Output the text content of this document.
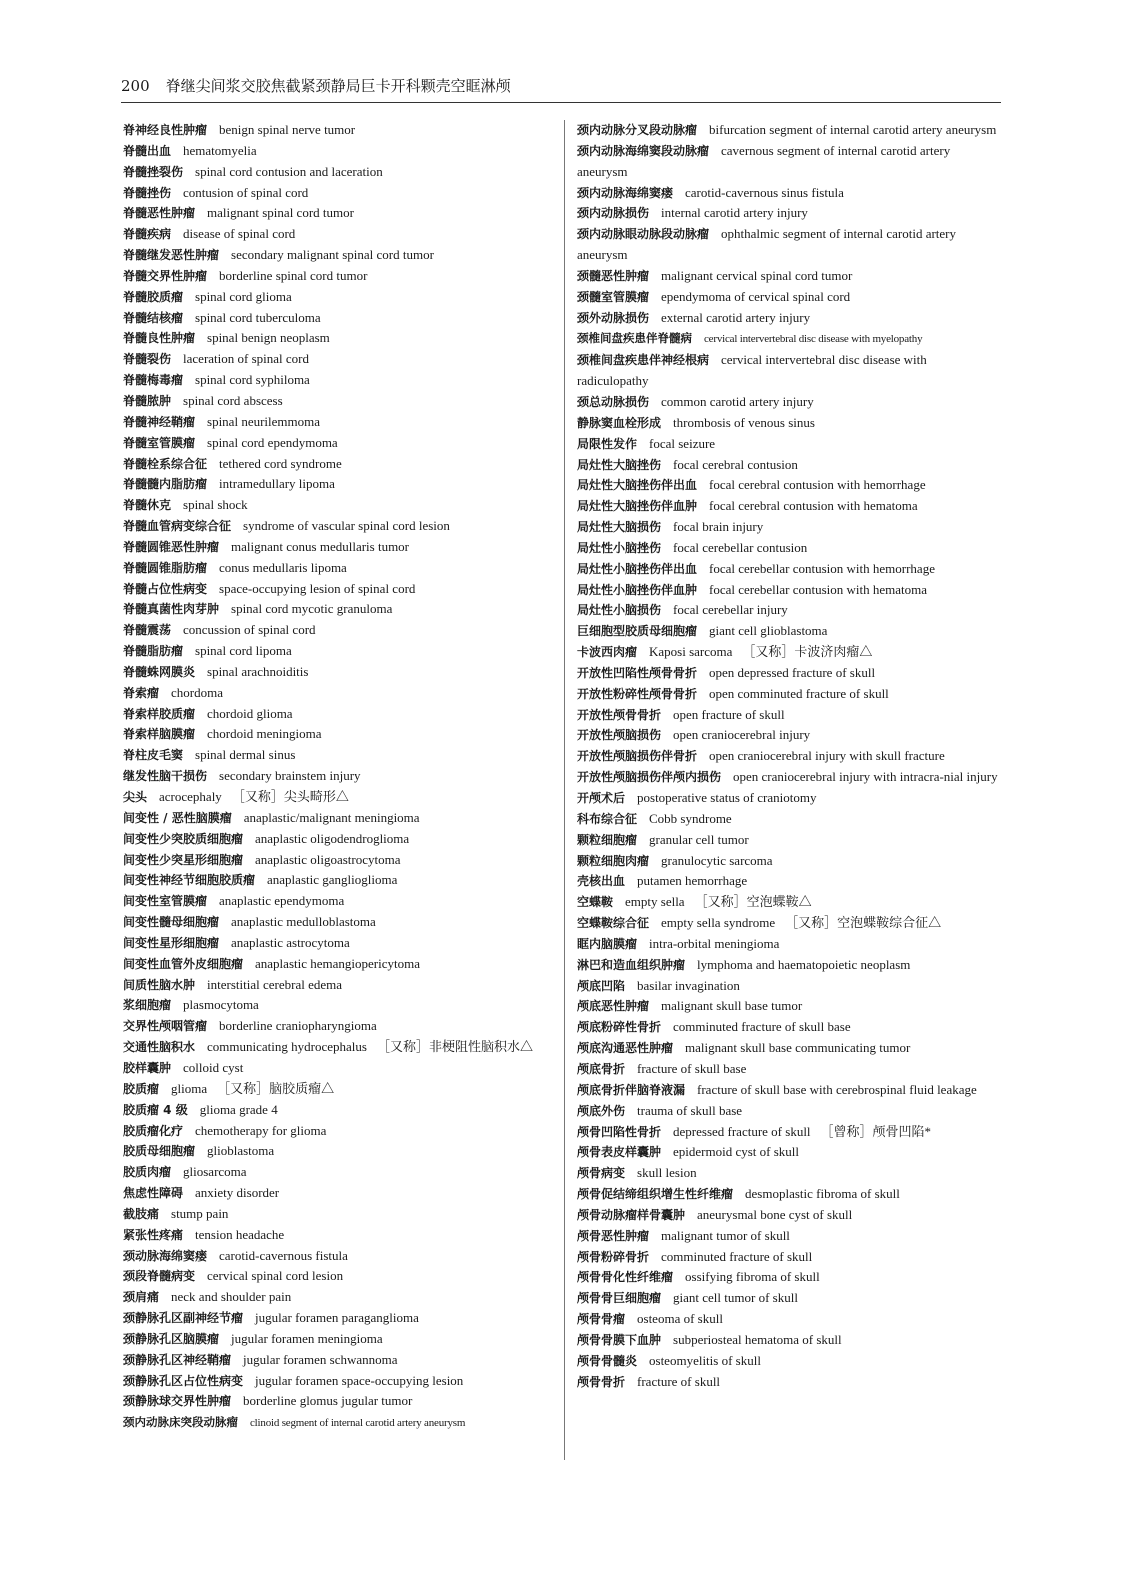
200 脊继尖间浆交胶焦截紧颈静局巨卡开科颗壳空眶淋颅
脊神经良性肿瘤 benign spinal nerve tumor
脊髓出血 hematomyelia
脊髓挫裂伤 spinal cord contusion and laceration
脊髓挫伤 contusion of spinal cord
脊髓恶性肿瘤 malignant spinal cord tumor
脊髓疾病 disease of spinal cord
脊髓继发恶性肿瘤 secondary malignant spinal cord tumor
脊髓交界性肿瘤 borderline spinal cord tumor
脊髓胶质瘤 spinal cord glioma
脊髓结核瘤 spinal cord tuberculoma
脊髓良性肿瘤 spinal benign neoplasm
脊髓裂伤 laceration of spinal cord
脊髓梅毒瘤 spinal cord syphiloma
脊髓脓肿 spinal cord abscess
脊髓神经鞘瘤 spinal neurilemmoma
脊髓室管膜瘤 spinal cord ependymoma
脊髓栓系综合征 tethered cord syndrome
脊髓髓内脂肪瘤 intramedullary lipoma
脊髓休克 spinal shock
脊髓血管病变综合征 syndrome of vascular spinal cord lesion
脊髓圆锥恶性肿瘤 malignant conus medullaris tumor
脊髓圆锥脂肪瘤 conus medullaris lipoma
脊髓占位性病变 space-occupying lesion of spinal cord
脊髓真菌性肉芽肿 spinal cord mycotic granuloma
脊髓震荡 concussion of spinal cord
脊髓脂肪瘤 spinal cord lipoma
脊髓蛛网膜炎 spinal arachnoiditis
脊索瘤 chordoma
脊索样胶质瘤 chordoid glioma
脊索样脑膜瘤 chordoid meningioma
脊柱皮毛窦 spinal dermal sinus
继发性脑干损伤 secondary brainstem injury
尖头 acrocephaly ［又称］尖头畸形△
间变性 / 恶性脑膜瘤 anaplastic/malignant meningioma
间变性少突胶质细胞瘤 anaplastic oligodendroglioma
间变性少突星形细胞瘤 anaplastic oligoastrocytoma
间变性神经节细胞胶质瘤 anaplastic ganglioglioma
间变性室管膜瘤 anaplastic ependymoma
间变性髓母细胞瘤 anaplastic medulloblastoma
间变性星形细胞瘤 anaplastic astrocytoma
间变性血管外皮细胞瘤 anaplastic hemangiopericytoma
间质性脑水肿 interstitial cerebral edema
浆细胞瘤 plasmocytoma
交界性颅咽管瘤 borderline craniopharyngioma
交通性脑积水 communicating hydrocephalus ［又称］非梗阻性脑积水△
胶样囊肿 colloid cyst
胶质瘤 glioma ［又称］脑胶质瘤△
胶质瘤 4 级 glioma grade 4
胶质瘤化疗 chemotherapy for glioma
胶质母细胞瘤 glioblastoma
胶质肉瘤 gliosarcoma
焦虑性障碍 anxiety disorder
截肢痛 stump pain
紧张性疼痛 tension headache
颈动脉海绵窦瘘 carotid-cavernous fistula
颈段脊髓病变 cervical spinal cord lesion
颈肩痛 neck and shoulder pain
颈静脉孔区副神经节瘤 jugular foramen paraganglioma
颈静脉孔区脑膜瘤 jugular foramen meningioma
颈静脉孔区神经鞘瘤 jugular foramen schwannoma
颈静脉孔区占位性病变 jugular foramen space-occupying lesion
颈静脉球交界性肿瘤 borderline glomus jugular tumor
颈内动脉床突段动脉瘤 clinoid segment of internal carotid artery aneurysm
颈内动脉分叉段动脉瘤 bifurcation segment of internal carotid artery aneurysm
颈内动脉海绵窦段动脉瘤 cavernous segment of internal carotid artery aneurysm
颈内动脉海绵窦瘘 carotid-cavernous sinus fistula
颈内动脉损伤 internal carotid artery injury
颈内动脉眼动脉段动脉瘤 ophthalmic segment of internal carotid artery aneurysm
颈髓恶性肿瘤 malignant cervical spinal cord tumor
颈髓室管膜瘤 ependymoma of cervical spinal cord
颈外动脉损伤 external carotid artery injury
颈椎间盘疾患伴脊髓病 cervical intervertebral disc disease with myelopathy
颈椎间盘疾患伴神经根病 cervical intervertebral disc disease with radiculopathy
颈总动脉损伤 common carotid artery injury
静脉窦血栓形成 thrombosis of venous sinus
局限性发作 focal seizure
局灶性大脑挫伤 focal cerebral contusion
局灶性大脑挫伤伴出血 focal cerebral contusion with hemorrhage
局灶性大脑挫伤伴血肿 focal cerebral contusion with hematoma
局灶性大脑损伤 focal brain injury
局灶性小脑挫伤 focal cerebellar contusion
局灶性小脑挫伤伴出血 focal cerebellar contusion with hemorrhage
局灶性小脑挫伤伴血肿 focal cerebellar contusion with hematoma
局灶性小脑损伤 focal cerebellar injury
巨细胞型胶质母细胞瘤 giant cell glioblastoma
卡波西肉瘤 Kaposi sarcoma ［又称］卡波济肉瘤△
开放性凹陷性颅骨骨折 open depressed fracture of skull
开放性粉碎性颅骨骨折 open comminuted fracture of skull
开放性颅骨骨折 open fracture of skull
开放性颅脑损伤 open craniocerebral injury
开放性颅脑损伤伴骨折 open craniocerebral injury with skull fracture
开放性颅脑损伤伴颅内损伤 open craniocerebral injury with intracra-nial injury
开颅术后 postoperative status of craniotomy
科布综合征 Cobb syndrome
颗粒细胞瘤 granular cell tumor
颗粒细胞肉瘤 granulocytic sarcoma
壳核出血 putamen hemorrhage
空蝶鞍 empty sella ［又称］空泡蝶鞍△
空蝶鞍综合征 empty sella syndrome ［又称］空泡蝶鞍综合征△
眶内脑膜瘤 intra-orbital meningioma
淋巴和造血组织肿瘤 lymphoma and haematopoietic neoplasm
颅底凹陷 basilar invagination
颅底恶性肿瘤 malignant skull base tumor
颅底粉碎性骨折 comminuted fracture of skull base
颅底沟通恶性肿瘤 malignant skull base communicating tumor
颅底骨折 fracture of skull base
颅底骨折伴脑脊液漏 fracture of skull base with cerebrospinal fluid leakage
颅底外伤 trauma of skull base
颅骨凹陷性骨折 depressed fracture of skull ［曾称］颅骨凹陷*
颅骨表皮样囊肿 epidermoid cyst of skull
颅骨病变 skull lesion
颅骨促结缔组织增生性纤维瘤 desmoplastic fibroma of skull
颅骨动脉瘤样骨囊肿 aneurysmal bone cyst of skull
颅骨恶性肿瘤 malignant tumor of skull
颅骨粉碎骨折 comminuted fracture of skull
颅骨骨化性纤维瘤 ossifying fibroma of skull
颅骨骨巨细胞瘤 giant cell tumor of skull
颅骨骨瘤 osteoma of skull
颅骨骨膜下血肿 subperiosteal hematoma of skull
颅骨骨髓炎 osteomyelitis of skull
颅骨骨折 fracture of skull
